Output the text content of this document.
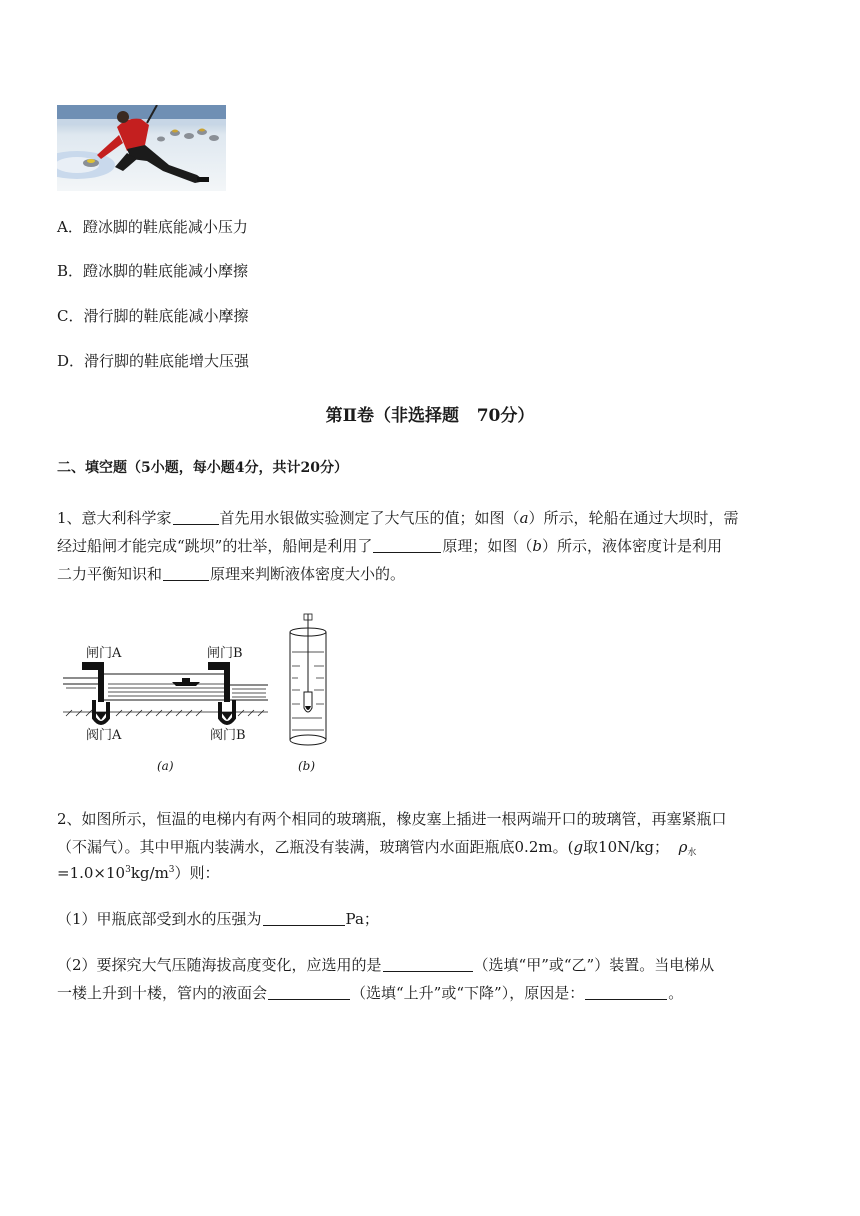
A．蹬冰脚的鞋底能减小压力
B．蹬冰脚的鞋底能减小摩擦
C．滑行脚的鞋底能减小摩擦
D．滑行脚的鞋底能增大压强
第Ⅱ卷（非选择题   70分）
二、填空题（5小题，每小题4分，共计20分）
1、意大利科学家	首先用水银做实验测定了大气压的值；如图（a）所示，轮船在通过大坝时，需
经过船闸才能完成“跳坝”的壮举，船闸是利用了	原理；如图（b）所示，液体密度计是利用
二力平衡知识和	原理来判断液体密度大小的。
闸门A	闸门B
阀门A	阀门B
(a)	(b)
2、如图所示，恒温的电梯内有两个相同的玻璃瓶，橡皮塞上插进一根两端开口的玻璃管，再塞紧瓶口
（不漏气）。其中甲瓶内装满水，乙瓶没有装满，玻璃管内水面距瓶底0.2m。(g取10N/kg； $\rho_水$
$=1.0\times 10^3kg/m^3$）则：
（1）甲瓶底部受到水的压强为	Pa；
（2）要探究大气压随海拔高度变化，应选用的是	（选填“甲”或“乙”）装置。当电梯从
一楼上升到十楼，管内的液面会	（选填“上升”或“下降”），原因是：	。
